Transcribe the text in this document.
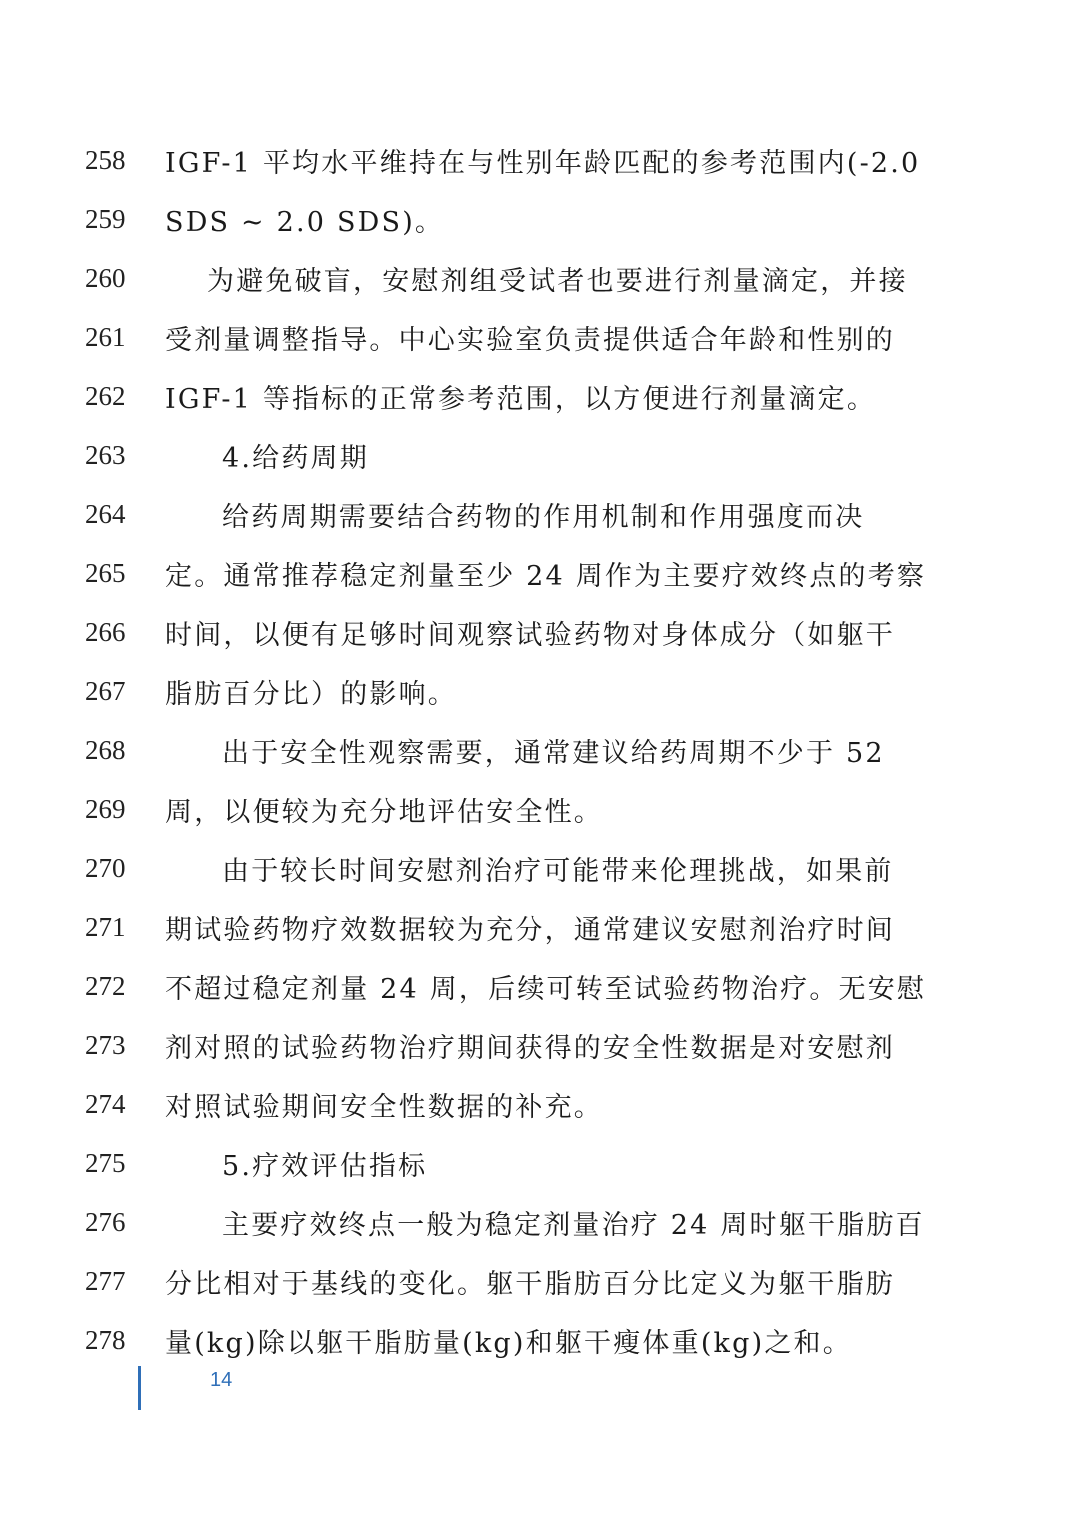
258 IGF-1 平均水平维持在与性别年龄匹配的参考范围内(-2.0
259 SDS ~ 2.0 SDS)。
260	为避免破盲，安慰剂组受试者也要进行剂量滴定，并接
261 受剂量调整指导。中心实验室负责提供适合年龄和性别的
262 IGF-1 等指标的正常参考范围，以方便进行剂量滴定。
263	4.给药周期
264	给药周期需要结合药物的作用机制和作用强度而决
265 定。通常推荐稳定剂量至少 24 周作为主要疗效终点的考察
266 时间，以便有足够时间观察试验药物对身体成分（如躯干
267 脂肪百分比）的影响。
268	出于安全性观察需要，通常建议给药周期不少于 52
269 周，以便较为充分地评估安全性。
270	由于较长时间安慰剂治疗可能带来伦理挑战，如果前
271 期试验药物疗效数据较为充分，通常建议安慰剂治疗时间
272 不超过稳定剂量 24 周，后续可转至试验药物治疗。无安慰
273 剂对照的试验药物治疗期间获得的安全性数据是对安慰剂
274 对照试验期间安全性数据的补充。
275	5.疗效评估指标
276	主要疗效终点一般为稳定剂量治疗 24 周时躯干脂肪百
277 分比相对于基线的变化。躯干脂肪百分比定义为躯干脂肪
278 量(kg)除以躯干脂肪量(kg)和躯干瘦体重(kg)之和。
14
